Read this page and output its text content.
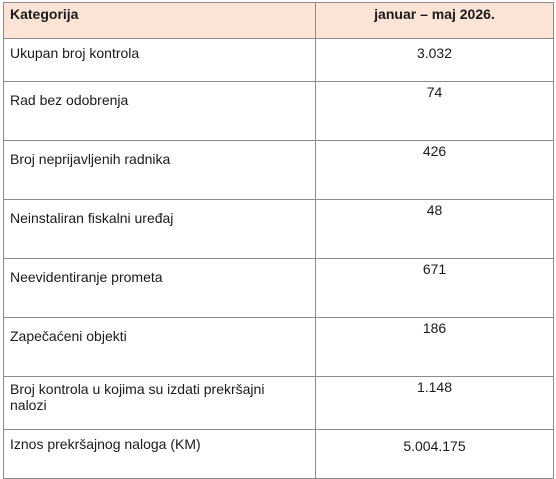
Kategorija	januar – maj 2026.

Ukupan broj kontrola	3.032

Rad bez odobrenja	74

Broj neprijavljenih radnika	426

Neinstaliran fiskalni uređaj	48

Neevidentiranje prometa	671

Zapečaćeni objekti	186

Broj kontrola u kojima su izdati prekršajni nalozi	1.148

Iznos prekršajnog naloga (KM)	5.004.175
